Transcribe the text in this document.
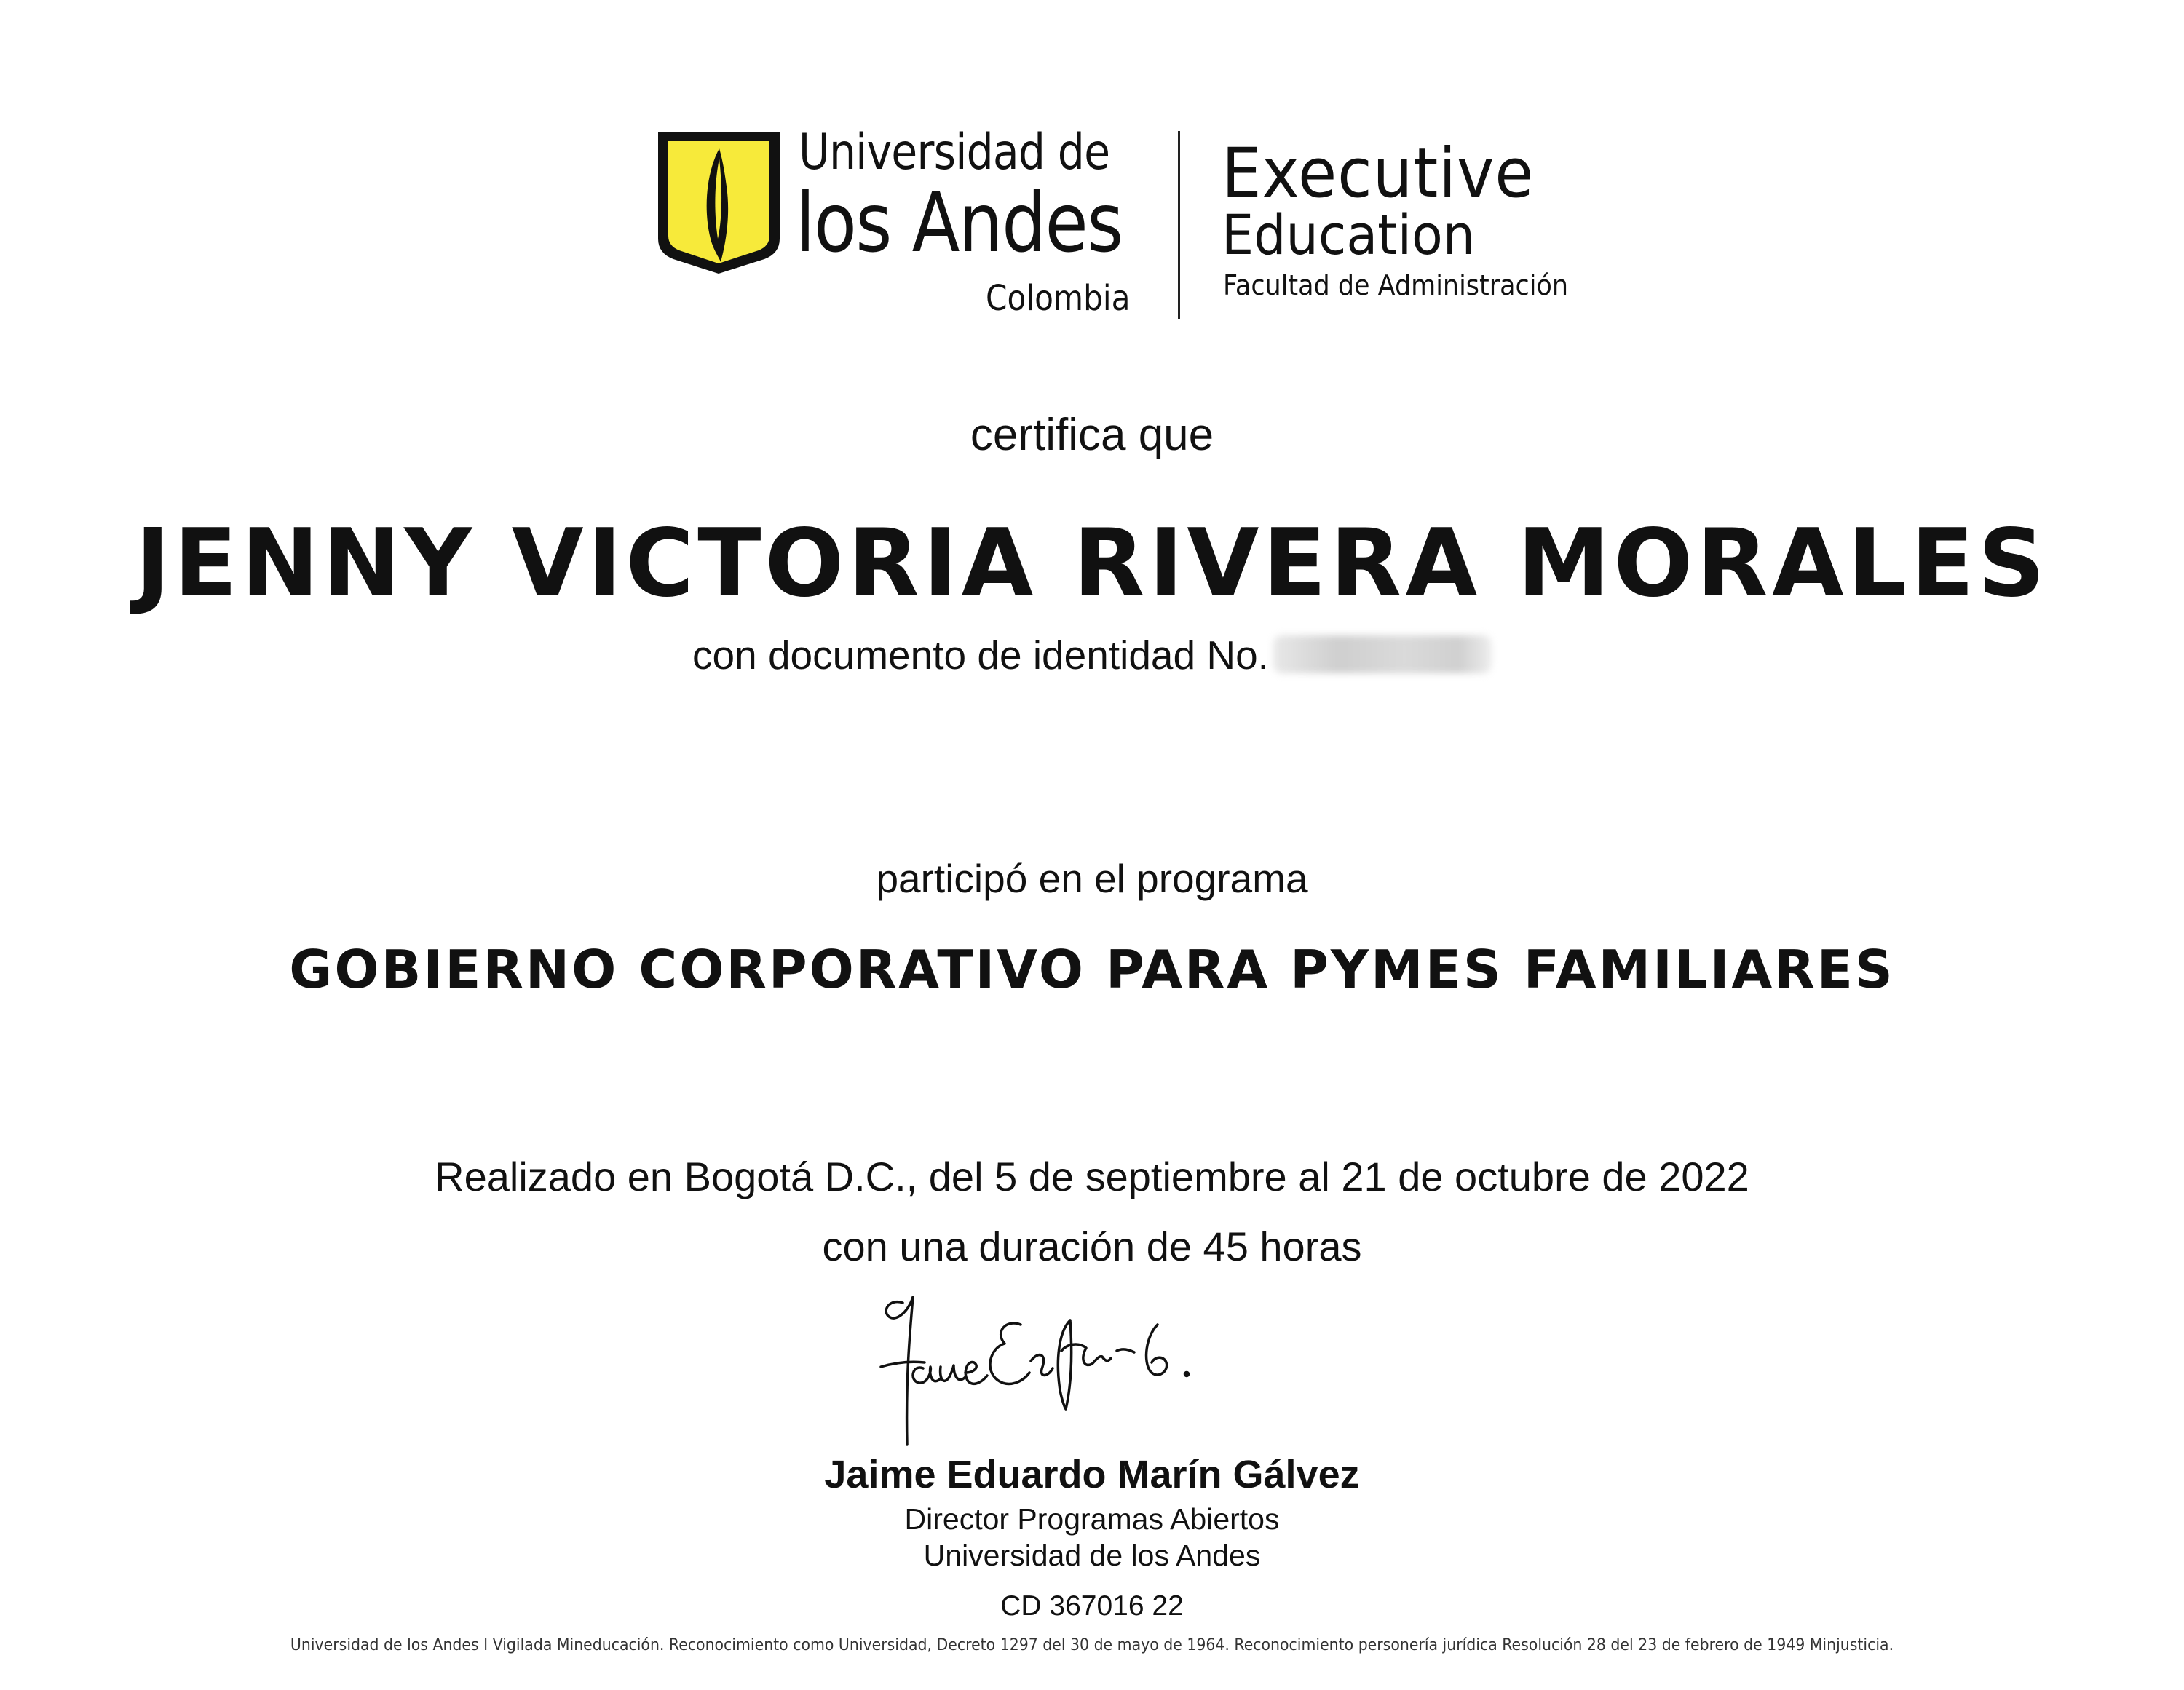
Universidad de
los Andes
Colombia
Executive
Education
Facultad de Administración
certifica que
JENNY VICTORIA RIVERA MORALES
con documento de identidad No.
participó en el programa
GOBIERNO CORPORATIVO PARA PYMES FAMILIARES
Realizado en Bogotá D.C., del 5 de septiembre al 21 de octubre de 2022
con una duración de 45 horas
Jaime Eduardo Marín Gálvez
Director Programas Abiertos
Universidad de los Andes
CD 367016 22
Universidad de los Andes I Vigilada Mineducación. Reconocimiento como Universidad, Decreto 1297 del 30 de mayo de 1964. Reconocimiento personería jurídica Resolución 28 del 23 de febrero de 1949 Minjusticia.
